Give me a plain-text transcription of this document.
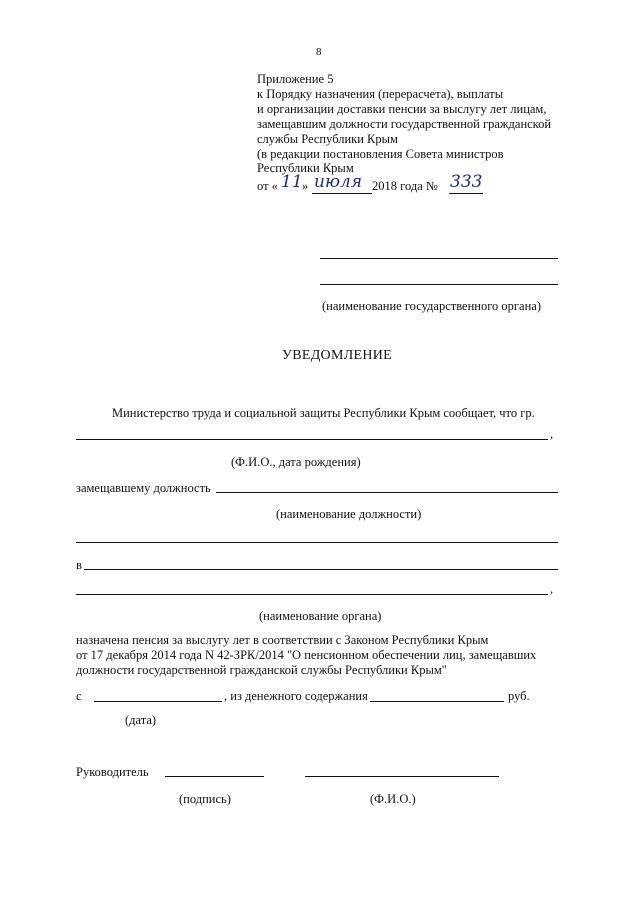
8
Приложение 5
к Порядку назначения (перерасчета), выплаты
и организации доставки пенсии за выслугу лет лицам,
замещавшим должности государственной гражданской
службы Республики Крым
(в редакции постановления Совета министров
Республики Крым
от « 11 » июля 2018 года № 333
(наименование государственного органа)
УВЕДОМЛЕНИЕ
Министерство труда и социальной защиты Республики Крым сообщает, что гр.
,
(Ф.И.О., дата рождения)
замещавшему должность
(наименование должности)
в
,
(наименование органа)
назначена пенсия за выслугу лет в соответствии с Законом Республики Крым
от 17 декабря 2014 года N 42-ЗРК/2014 "О пенсионном обеспечении лиц, замещавших
должности государственной гражданской службы Республики Крым"
с	, из денежного содержания	руб.
(дата)
Руководитель
(подпись)	(Ф.И.О.)
